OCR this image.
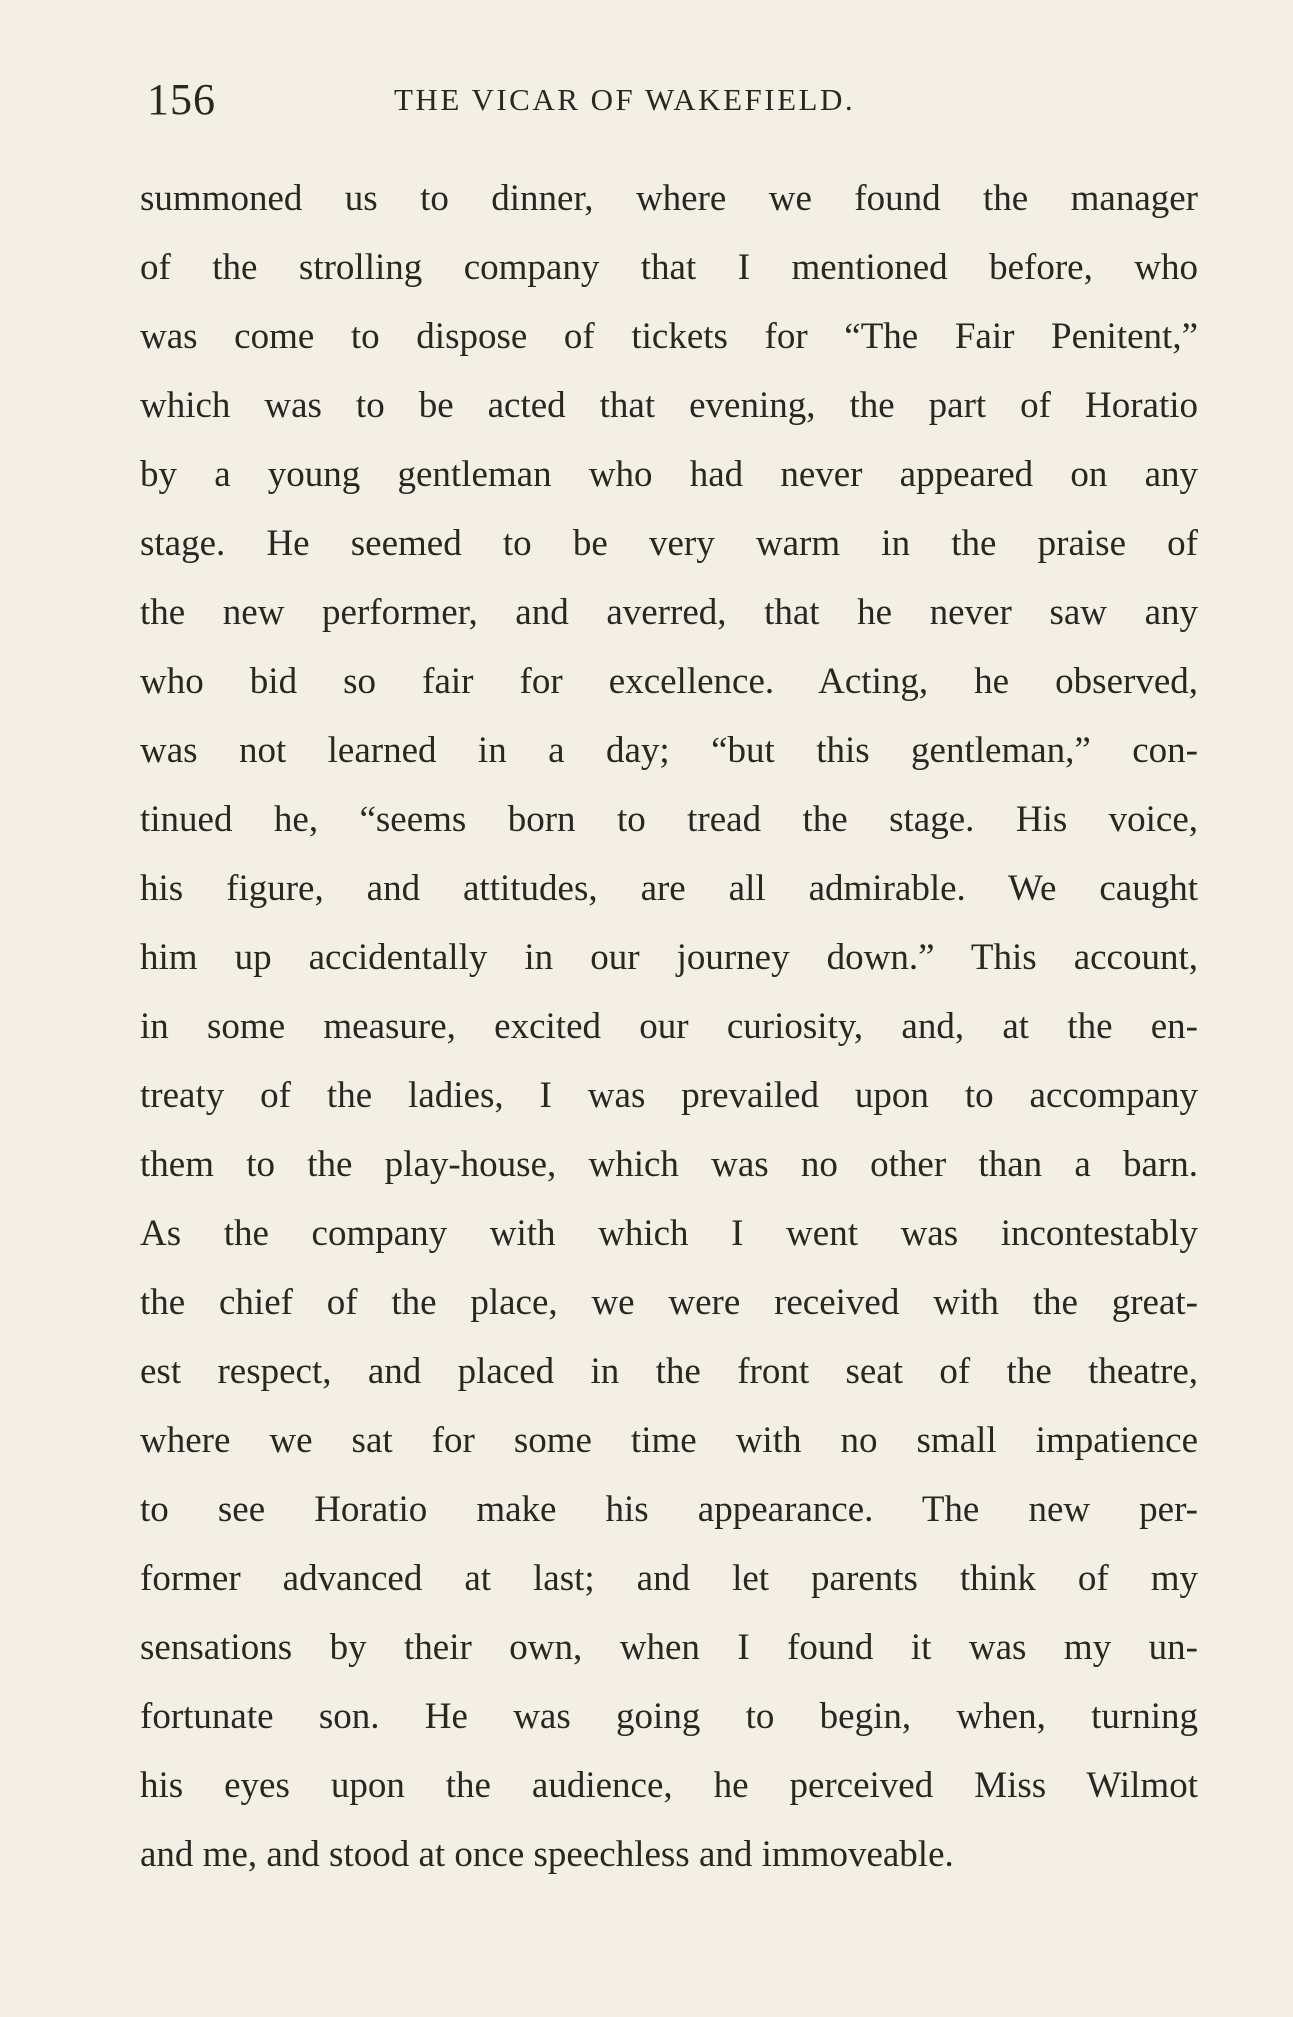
156	THE VICAR OF WAKEFIELD.
summoned us to dinner, where we found the manager
of the strolling company that I mentioned before, who
was come to dispose of tickets for “The Fair Penitent,”
which was to be acted that evening, the part of Horatio
by a young gentleman who had never appeared on any
stage. He seemed to be very warm in the praise of
the new performer, and averred, that he never saw any
who bid so fair for excellence. Acting, he observed,
was not learned in a day; “but this gentleman,” con-
tinued he, “seems born to tread the stage. His voice,
his figure, and attitudes, are all admirable. We caught
him up accidentally in our journey down.” This account,
in some measure, excited our curiosity, and, at the en-
treaty of the ladies, I was prevailed upon to accompany
them to the play-house, which was no other than a barn.
As the company with which I went was incontestably
the chief of the place, we were received with the great-
est respect, and placed in the front seat of the theatre,
where we sat for some time with no small impatience
to see Horatio make his appearance. The new per-
former advanced at last; and let parents think of my
sensations by their own, when I found it was my un-
fortunate son. He was going to begin, when, turning
his eyes upon the audience, he perceived Miss Wilmot
and me, and stood at once speechless and immoveable.
